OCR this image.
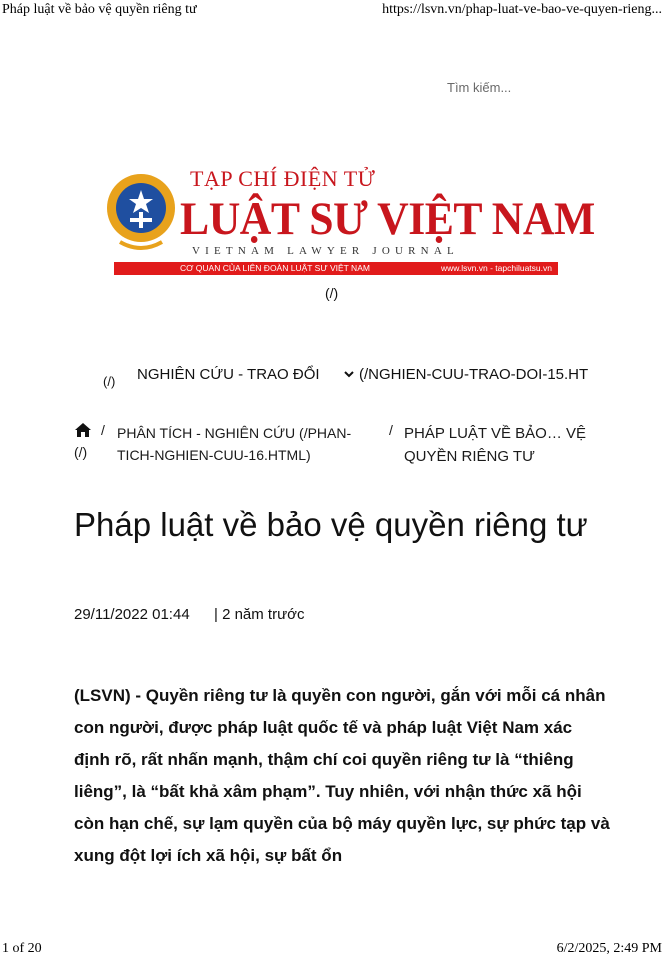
Pháp luật về bảo vệ quyền riêng tư	https://lsvn.vn/phap-luat-ve-bao-ve-quyen-rieng...
Tìm kiếm...
TẠP CHÍ ĐIỆN TỬ
LUẬT SƯ VIỆT NAM
VIETNAM LAWYER JOURNAL
CƠ QUAN CỦA LIÊN ĐOÀN LUẬT SƯ VIỆT NAM	www.lsvn.vn - tapchiluatsu.vn
(/)
(/) NGHIÊN CỨU - TRAO ĐỔI	(/NGHIEN-CUU-TRAO-DOI-15.HT
(/)
/ PHÂN TÍCH - NGHIÊN CỨU (/PHAN-TICH-NGHIEN-CUU-16.HTML)
/ PHÁP LUẬT VỀ BẢO… VỆ QUYỀN RIÊNG TƯ
Pháp luật về bảo vệ quyền riêng tư
29/11/2022 01:44 | 2 năm trước

(LSVN) - Quyền riêng tư là quyền con người, gắn với mỗi cá nhân con người, được pháp luật quốc tế và pháp luật Việt Nam xác định rõ, rất nhấn mạnh, thậm chí coi quyền riêng tư là “thiêng liêng”, là “bất khả xâm phạm”. Tuy nhiên, với nhận thức xã hội còn hạn chế, sự lạm quyền của bộ máy quyền lực, sự phức tạp và xung đột lợi ích xã hội, sự bất ổn

1 of 20	6/2/2025, 2:49 PM
